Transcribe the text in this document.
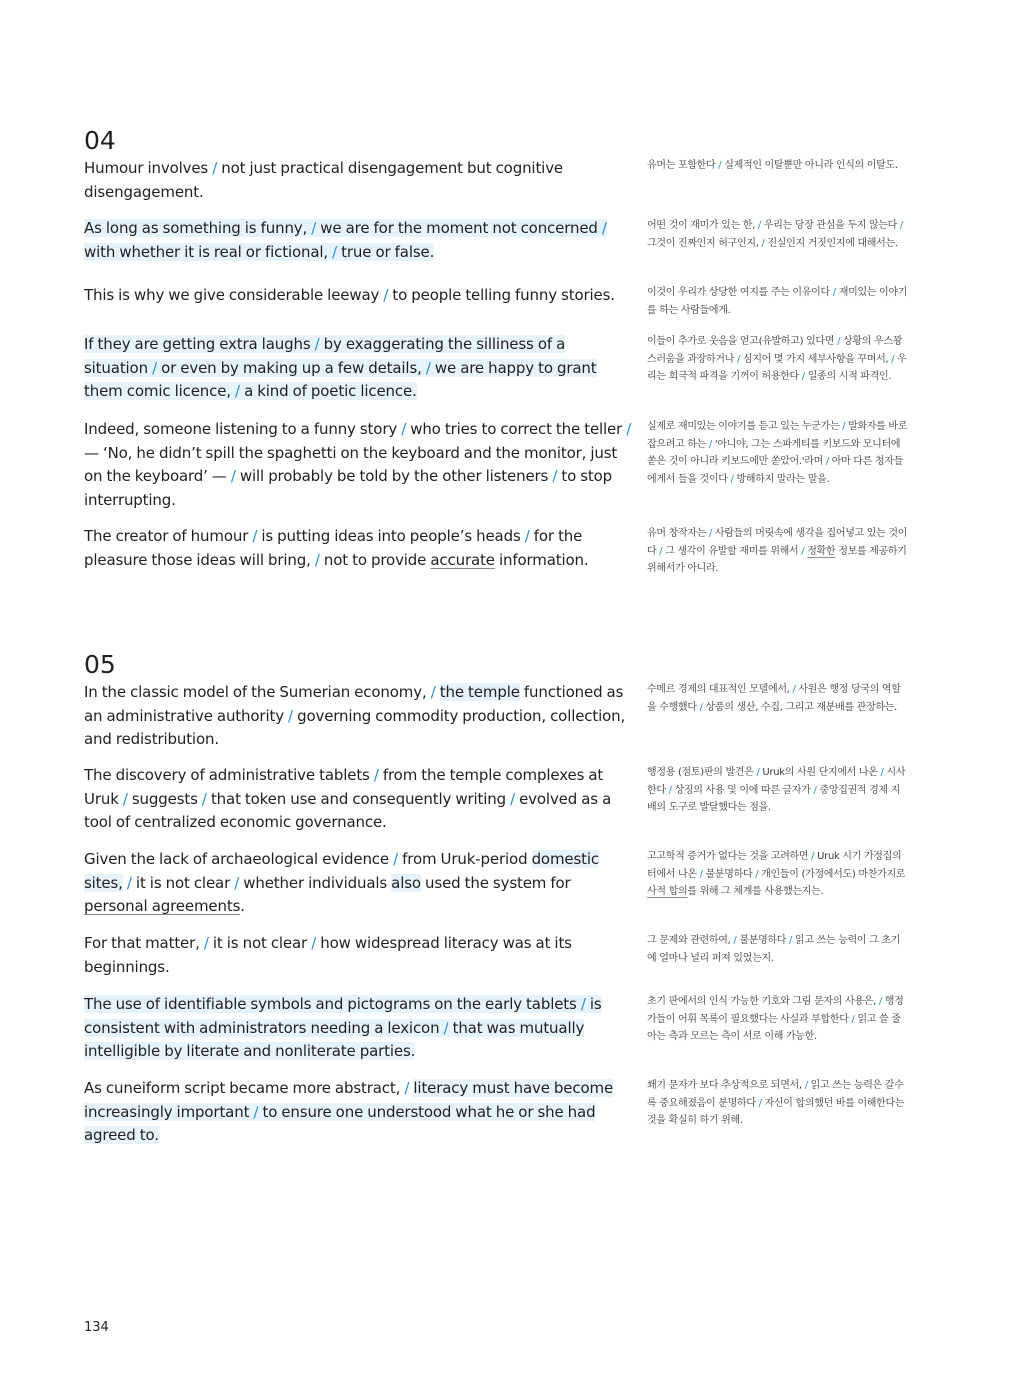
04

Humour involves / not just practical disengagement but cognitive disengagement.

As long as something is funny, / we are for the moment not concerned / with whether it is real or fictional, / true or false.

This is why we give considerable leeway / to people telling funny stories.

If they are getting extra laughs / by exaggerating the silliness of a situation / or even by making up a few details, / we are happy to grant them comic licence, / a kind of poetic licence.

Indeed, someone listening to a funny story / who tries to correct the teller / — ‘No, he didn’t spill the spaghetti on the keyboard and the monitor, just on the keyboard’ — / will probably be told by the other listeners / to stop interrupting.

The creator of humour / is putting ideas into people’s heads / for the pleasure those ideas will bring, / not to provide accurate information.

유머는 포함한다 / 실제적인 이탈뿐만 아니라 인식의 이탈도.

어떤 것이 재미가 있는 한, / 우리는 당장 관심을 두지 않는다 / 그것이 진짜인지 허구인지, / 진실인지 거짓인지에 대해서는.

이것이 우리가 상당한 여지를 주는 이유이다 / 재미있는 이야기를 하는 사람들에게.

이들이 추가로 웃음을 얻고(유발하고) 있다면 / 상황의 우스꽝스러움을 과장하거나 / 심지어 몇 가지 세부사항을 꾸며서, / 우리는 희극적 파격을 기꺼이 허용한다 / 일종의 시적 파격인.

실제로 재미있는 이야기를 듣고 있는 누군가는 / 발화자를 바로잡으려고 하는 / '아니야, 그는 스파게티를 키보드와 모니터에 쏟은 것이 아니라 키보드에만 쏟았어.'라며 / 아마 다른 청자들에게서 들을 것이다 / 방해하지 말라는 말을.

유머 창작자는 / 사람들의 머릿속에 생각을 집어넣고 있는 것이다 / 그 생각이 유발할 재미를 위해서 / 정확한 정보를 제공하기 위해서가 아니라.

05

In the classic model of the Sumerian economy, / the temple functioned as an administrative authority / governing commodity production, collection, and redistribution.

The discovery of administrative tablets / from the temple complexes at Uruk / suggests / that token use and consequently writing / evolved as a tool of centralized economic governance.

Given the lack of archaeological evidence / from Uruk-period domestic sites, / it is not clear / whether individuals also used the system for personal agreements.

For that matter, / it is not clear / how widespread literacy was at its beginnings.

The use of identifiable symbols and pictograms on the early tablets / is consistent with administrators needing a lexicon / that was mutually intelligible by literate and nonliterate parties.

As cuneiform script became more abstract, / literacy must have become increasingly important / to ensure one understood what he or she had agreed to.

수메르 경제의 대표적인 모델에서, / 사원은 행정 당국의 역할을 수행했다 / 상품의 생산, 수집, 그리고 재분배를 관장하는.

행정용 (점토)판의 발견은 / Uruk의 사원 단지에서 나온 / 시사한다 / 상징의 사용 및 이에 따른 글자가 / 중앙집권적 경제 지배의 도구로 발달했다는 점을.

고고학적 증거가 없다는 것을 고려하면 / Uruk 시기 가정집의 터에서 나온 / 불분명하다 / 개인들이 (가정에서도) 마찬가지로 사적 합의를 위해 그 체계를 사용했는지는.

그 문제와 관련하여, / 불분명하다 / 읽고 쓰는 능력이 그 초기에 얼마나 널리 퍼져 있었는지.

초기 판에서의 인식 가능한 기호와 그림 문자의 사용은, / 행정가들이 어휘 목록이 필요했다는 사실과 부합한다 / 읽고 쓸 줄 아는 측과 모르는 측이 서로 이해 가능한.

쐐기 문자가 보다 추상적으로 되면서, / 읽고 쓰는 능력은 갈수록 중요해졌음이 분명하다 / 자신이 합의했던 바를 이해한다는 것을 확실히 하기 위해.

134
